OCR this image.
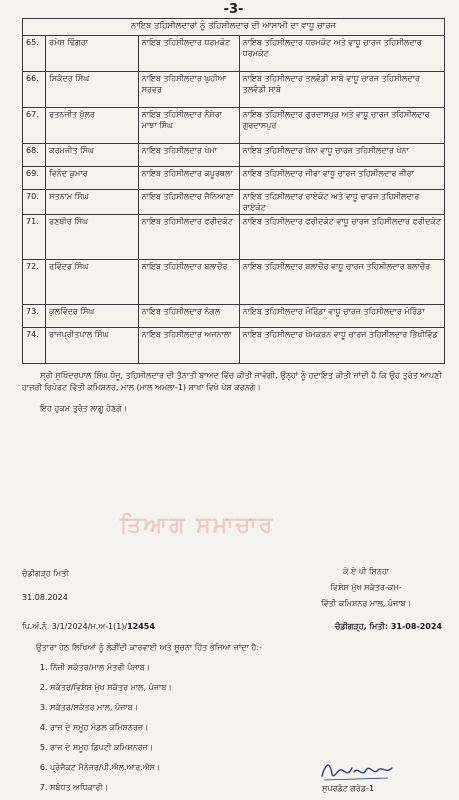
-3-
ਨਾਇਬ ਤਹਿਸੀਲਦਾਰਾਂ ਨੂੰ ਤਹਿਸੀਲਦਾਰ ਦੀ ਆਸਾਮੀ ਦਾ ਵਾਧੂ ਚਾਰਜ			
65.	ਰਮੇਸ਼ ਢਿੰਗਰਾ	ਨਾਇਬ ਤਹਿਸੀਲਦਾਰ ਧਰਮਕੋਟ	ਨਾਇਬ ਤਹਿਸੀਲਦਾਰ ਧਰਮਕੋਟ ਅਤੇ ਵਾਧੂ ਚਾਰਜ ਤਹਿਸੀਲਦਾਰ ਧਰਮਕੋਟ
66.	ਸਿਕੰਦਰ ਸਿੰਘ	ਨਾਇਬ ਤਹਿਸੀਲਦਾਰ ਘੁਹੀਆ ਸਰਵਰ	ਨਾਇਬ ਤਹਿਸੀਲਦਾਰ ਤਲਵੰਡੀ ਸਾਬੋ ਵਾਧੂ ਚਾਰਜ ਤਹਿਸੀਲਦਾਰ ਤਲਵੰਡੀ ਸਾਬੋ
67.	ਰਤਨਜੀਤ ਖੁੱਲਰ	ਨਾਇਬ ਤਹਿਸੀਲਦਾਰ ਨੌਸ਼ੇਰਾ ਮਾਝਾ ਸਿੰਘ	ਨਾਇਬ ਤਹਿਸੀਲਦਾਰ ਗੁਰਦਾਸਪੁਰ ਅਤੇ ਵਾਧੂ ਚਾਰਜ ਤਹਿਸੀਲਦਾਰ ਗੁਰਦਾਸਪੁਰ
68.	ਕਰਮਜੀਤ ਸਿੰਘ	ਨਾਇਬ ਤਹਿਸੀਲਦਾਰ ਖੇਮਾ	ਨਾਇਬ ਤਹਿਸੀਲਦਾਰ ਖੇਨਾ ਵਾਧੂ ਚਾਰਜ ਤਹਿਸੀਲਦਾਰ ਖੇਨਾ
69.	ਵਿਨੋਦ ਕੁਮਾਰ	ਨਾਇਬ ਤਹਿਸੀਲਦਾਰ ਕਪੂਰਥਲਾ	ਨਾਇਬ ਤਹਿਸੀਲਦਾਰ ਜੀਰਾ ਵਾਧੂ ਚਾਰਜ ਤਹਿਸੀਲਦਾਰ ਜੀਰਾ
70.	ਸਤਨਾਮ ਸਿੰਘ	ਨਾਇਬ ਤਹਿਸੀਲਦਾਰ ਜੈਨਿਆਣਾ	ਨਾਇਬ ਤਹਿਸੀਲਦਾਰ ਰਾਏਕੋਟ ਅਤੇ ਵਾਧੂ ਚਾਰਜ ਤਹਿਸੀਲਦਾਰ ਰਾਏਕੋਟ
71.	ਰਣਬੀਰ ਸਿੰਘ	ਨਾਇਬ ਤਹਿਸੀਲਦਾਰ ਫਰੀਦਕੋਟ	ਨਾਇਬ ਤਹਿਸੀਲਦਾਰ ਫਰੀਦਕੋਟ ਵਾਧੂ ਚਾਰਜ ਤਹਿਸੀਲਦਾਰ ਫਰੀਦਕੋਟ
72.	ਰਵਿੰਦਰ ਸਿੰਘ	ਨਾਇਬ ਤਹਿਸੀਲਦਾਰ ਬਲਾਚੌਰ	ਨਾਇਬ ਤਹਿਸੀਲਦਾਰ ਬਲਾਚੌਰ ਵਾਧੂ ਚਾਰਜ ਤਹਿਸੀਲਦਾਰ ਬਲਾਚੌਰ
73.	ਕੁਲਵਿੰਦਰ ਸਿੰਘ	ਨਾਇਬ ਤਹਿਸੀਲਦਾਰ ਨੰਗਲ	ਨਾਇਬ ਤਹਿਸੀਲਦਾਰ ਮੋਰਿੰਡਾ ਵਾਧੂ ਚਾਰਜ ਤਹਿਸੀਲਦਾਰ ਮੋਰਿੰਡਾ
74.	ਰਾਜਪ੍ਰੀਤਪਾਲ ਸਿੰਘ	ਨਾਇਬ ਤਹਿਸੀਲਦਾਰ ਅਜਨਾਲਾ	ਨਾਇਬ ਤਹਿਸੀਲਦਾਰ ਖੇਮਕਰਨ ਵਾਧੂ ਚਾਰਜ ਤਹਿਸੀਲਦਾਰ ਭਿੱਖੀਵਿੰਡ
ਤਿਆਗ ਸਮਾਚਾਰ
ਸ੍ਰੀ ਸੁਖਿੰਦਰਪਾਲ ਸਿੰਘ ਧੰਜੂ, ਤਹਿਸੀਲਦਾਰ ਦੀ ਤੈਨਾਤੀ ਬਾਅਦ ਵਿੱਚ ਕੀਤੀ ਜਾਵੇਗੀ, ਉਨ੍ਹਾਂ ਨੂੰ ਹਦਾਇਤ ਕੀਤੀ ਜਾਂਦੀ ਹੈ ਕਿ ਉਹ ਤੁਰੰਤ ਆਪਣੀ ਹਾਜ਼ਰੀ ਰਿਪੋਰਟ ਵਿੱਤੀ ਕਮਿਸ਼ਨਰ, ਮਾਲ (ਮਾਲ ਅਮਲਾ-1) ਸ਼ਾਖਾ ਵਿਖੇ ਪੇਸ਼ ਕਰਨਗੇ।
ਇਹ ਹੁਕਮ ਤੁਰੰਤ ਲਾਗੂ ਹੋਣਗੇ।
ਚੰਡੀਗੜ੍ਹ ਮਿਤੀ
31.08.2024
ਕੇ ਏ ਪੀ ਸਿਨਹਾ
ਵਿਸ਼ੇਸ਼ ਮੁੱਖ ਸਕੱਤਰ-ਕਮ-
ਵਿੱਤੀ ਕਮਿਸ਼ਨਰ ਮਾਲ, ਪੰਜਾਬ।
ਪਿ.ਅੰ.ਨੰ. 3/1/2024/ਮ.ਅ-1(1)/12454	ਚੰਡੀਗੜ੍ਹ, ਮਿਤੀ: 31-08-2024
ਉਤਾਰਾ ਹੇਠ ਲਿਖਿਆਂ ਨੂੰ ਲੋੜੀਂਦੀ ਕਾਰਵਾਈ ਅਤੇ ਸੂਚਨਾ ਹਿੱਤ ਭੇਜਿਆ ਜਾਂਦਾ ਹੈ:-
1. ਨਿੱਜੀ ਸਕੱਤਰ/ਮਾਲ ਮੰਤਰੀ ਪੰਜਾਬ।
2. ਸਕੱਤਰ/ਵਿਸ਼ੇਸ਼ ਮੁੱਖ ਸਕੱਤਰ ਮਾਲ, ਪੰਜਾਬ।
3. ਸਕੱਤਰ/ਸਕੱਤਰ ਮਾਲ, ਪੰਜਾਬ।
4. ਰਾਜ ਦੇ ਸਮੂਹ ਮੰਡਲ ਕਮਿਸ਼ਨਰਜ਼।
5. ਰਾਜ ਦੇ ਸਮੂਹ ਡਿਪਟੀ ਕਮਿਸ਼ਨਰਜ਼।
6. ਪ੍ਰੋਜੈਕਟ ਮੈਨੇਜਰ/ਪੀ.ਐਲ.ਆਰ.ਐਸ।
7. ਸਬੰਧਤ ਅਧਿਕਾਰੀ।	ਸੁਪਰਡੰਟ ਗਰੇਡ-1
